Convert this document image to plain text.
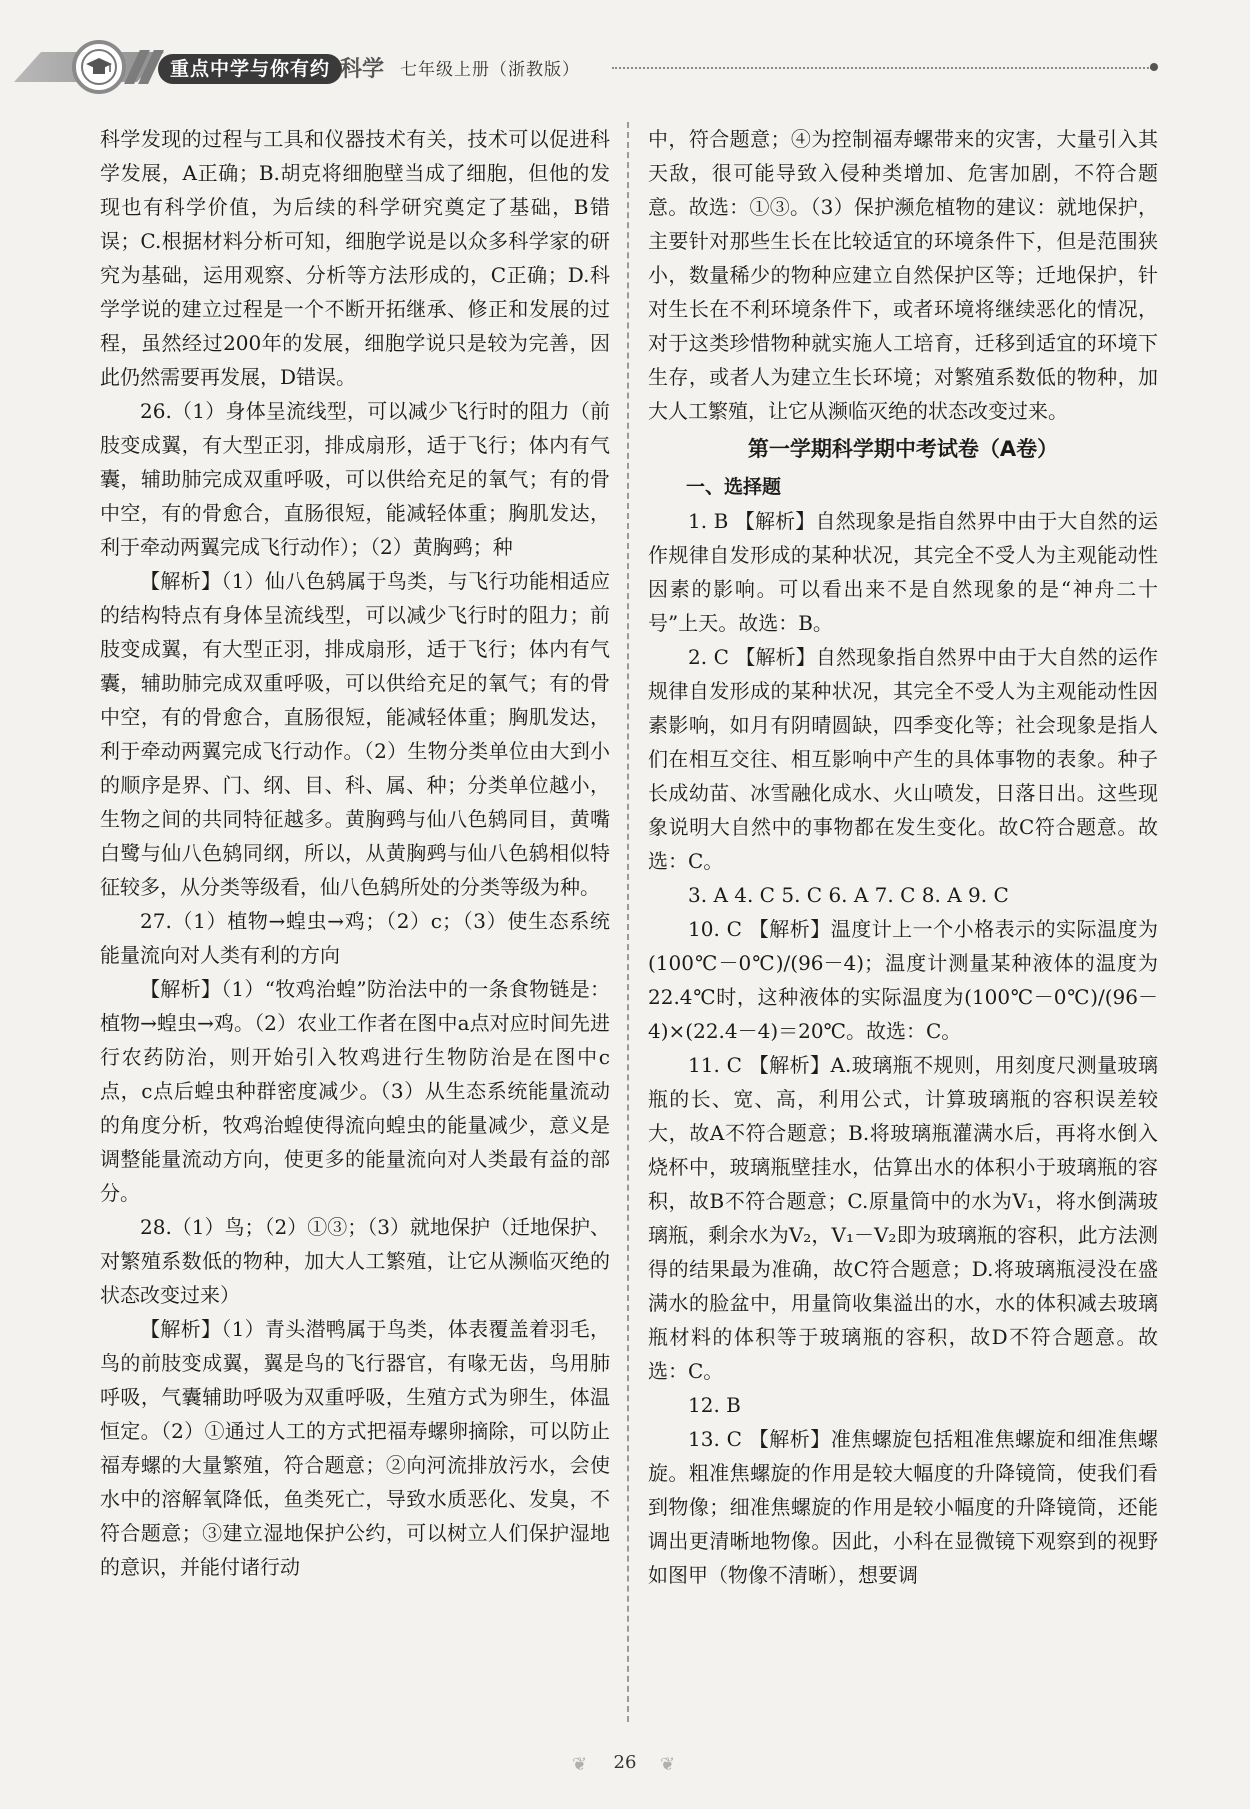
重点中学与你有约 科学 七年级上册（浙教版）

科学发现的过程与工具和仪器技术有关，技术可以促进科学发展，A正确；B.胡克将细胞壁当成了细胞，但他的发现也有科学价值，为后续的科学研究奠定了基础，B错误；C.根据材料分析可知，细胞学说是以众多科学家的研究为基础，运用观察、分析等方法形成的，C正确；D.科学学说的建立过程是一个不断开拓继承、修正和发展的过程，虽然经过200年的发展，细胞学说只是较为完善，因此仍然需要再发展，D错误。

26.（1）身体呈流线型，可以减少飞行时的阻力（前肢变成翼，有大型正羽，排成扇形，适于飞行；体内有气囊，辅助肺完成双重呼吸，可以供给充足的氧气；有的骨中空，有的骨愈合，直肠很短，能减轻体重；胸肌发达，利于牵动两翼完成飞行动作）；（2）黄胸鹀；种

【解析】（1）仙八色鸫属于鸟类，与飞行功能相适应的结构特点有身体呈流线型，可以减少飞行时的阻力；前肢变成翼，有大型正羽，排成扇形，适于飞行；体内有气囊，辅助肺完成双重呼吸，可以供给充足的氧气；有的骨中空，有的骨愈合，直肠很短，能减轻体重；胸肌发达，利于牵动两翼完成飞行动作。（2）生物分类单位由大到小的顺序是界、门、纲、目、科、属、种；分类单位越小，生物之间的共同特征越多。黄胸鹀与仙八色鸫同目，黄嘴白鹭与仙八色鸫同纲，所以，从黄胸鹀与仙八色鸫相似特征较多，从分类等级看，仙八色鸫所处的分类等级为种。

27.（1）植物→蝗虫→鸡；（2）c；（3）使生态系统能量流向对人类有利的方向

【解析】（1）“牧鸡治蝗”防治法中的一条食物链是：植物→蝗虫→鸡。（2）农业工作者在图中a点对应时间先进行农药防治，则开始引入牧鸡进行生物防治是在图中c点，c点后蝗虫种群密度减少。（3）从生态系统能量流动的角度分析，牧鸡治蝗使得流向蝗虫的能量减少，意义是调整能量流动方向，使更多的能量流向对人类最有益的部分。

28.（1）鸟；（2）①③；（3）就地保护（迁地保护、对繁殖系数低的物种，加大人工繁殖，让它从濒临灭绝的状态改变过来）

【解析】（1）青头潜鸭属于鸟类，体表覆盖着羽毛，鸟的前肢变成翼，翼是鸟的飞行器官，有喙无齿，鸟用肺呼吸，气囊辅助呼吸为双重呼吸，生殖方式为卵生，体温恒定。（2）①通过人工的方式把福寿螺卵摘除，可以防止福寿螺的大量繁殖，符合题意；②向河流排放污水，会使水中的溶解氧降低，鱼类死亡，导致水质恶化、发臭，不符合题意；③建立湿地保护公约，可以树立人们保护湿地的意识，并能付诸行动

中，符合题意；④为控制福寿螺带来的灾害，大量引入其天敌，很可能导致入侵种类增加、危害加剧，不符合题意。故选：①③。（3）保护濒危植物的建议：就地保护，主要针对那些生长在比较适宜的环境条件下，但是范围狭小，数量稀少的物种应建立自然保护区等；迁地保护，针对生长在不利环境条件下，或者环境将继续恶化的情况，对于这类珍惜物种就实施人工培育，迁移到适宜的环境下生存，或者人为建立生长环境；对繁殖系数低的物种，加大人工繁殖，让它从濒临灭绝的状态改变过来。

第一学期科学期中考试卷（A卷）

一、选择题

1. B 【解析】自然现象是指自然界中由于大自然的运作规律自发形成的某种状况，其完全不受人为主观能动性因素的影响。可以看出来不是自然现象的是“神舟二十号”上天。故选：B。

2. C 【解析】自然现象指自然界中由于大自然的运作规律自发形成的某种状况，其完全不受人为主观能动性因素影响，如月有阴晴圆缺，四季变化等；社会现象是指人们在相互交往、相互影响中产生的具体事物的表象。种子长成幼苗、冰雪融化成水、火山喷发，日落日出。这些现象说明大自然中的事物都在发生变化。故C符合题意。故选：C。

3. A 4. C 5. C 6. A 7. C 8. A 9. C

10. C 【解析】温度计上一个小格表示的实际温度为(100℃－0℃)/(96－4)；温度计测量某种液体的温度为22.4℃时，这种液体的实际温度为(100℃－0℃)/(96－4)×(22.4－4)＝20℃。故选：C。

11. C 【解析】A.玻璃瓶不规则，用刻度尺测量玻璃瓶的长、宽、高，利用公式，计算玻璃瓶的容积误差较大，故A不符合题意；B.将玻璃瓶灌满水后，再将水倒入烧杯中，玻璃瓶壁挂水，估算出水的体积小于玻璃瓶的容积，故B不符合题意；C.原量筒中的水为V₁，将水倒满玻璃瓶，剩余水为V₂，V₁－V₂即为玻璃瓶的容积，此方法测得的结果最为准确，故C符合题意；D.将玻璃瓶浸没在盛满水的脸盆中，用量筒收集溢出的水，水的体积减去玻璃瓶材料的体积等于玻璃瓶的容积，故D不符合题意。故选：C。

12. B

13. C 【解析】准焦螺旋包括粗准焦螺旋和细准焦螺旋。粗准焦螺旋的作用是较大幅度的升降镜筒，使我们看到物像；细准焦螺旋的作用是较小幅度的升降镜筒，还能调出更清晰地物像。因此，小科在显微镜下观察到的视野如图甲（物像不清晰），想要调

❦	26	❦
